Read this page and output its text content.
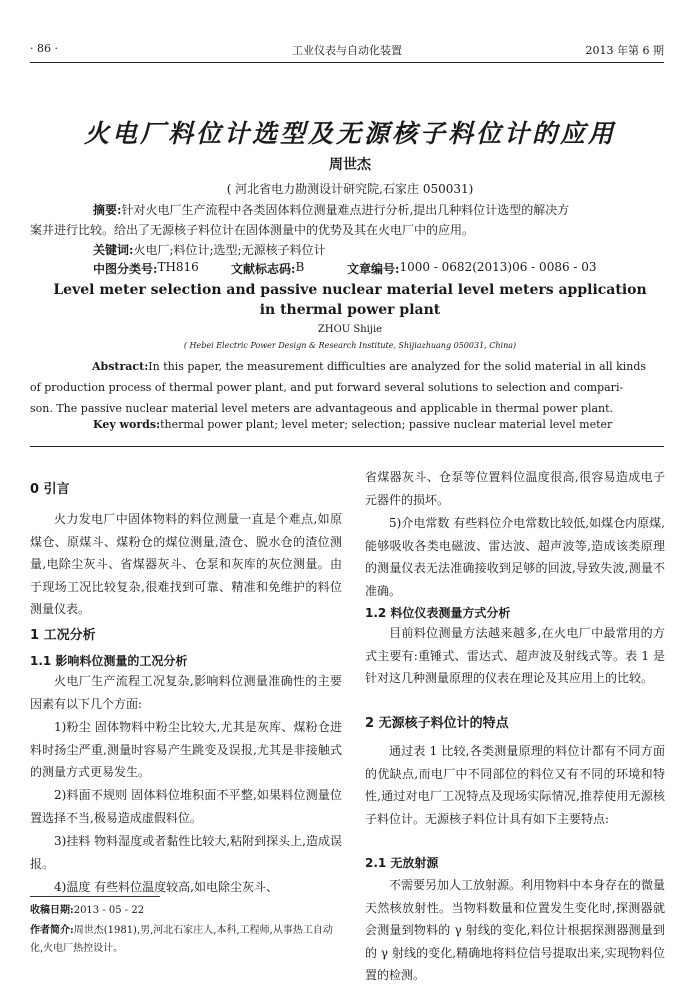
· 86 ·	工业仪表与自动化装置	2013 年第 6 期
火电厂料位计选型及无源核子料位计的应用
周世杰
( 河北省电力勘测设计研究院,石家庄 050031)
摘要:针对火电厂生产流程中各类固体料位测量难点进行分析,提出几种料位计选型的解决方
案并进行比较。给出了无源核子料位计在固体测量中的优势及其在火电厂中的应用。
关键词:火电厂;料位计;选型;无源核子料位计
中图分类号: TH816	文献标志码: B	文章编号: 1000 - 0682(2013)06 - 0086 - 03
Level meter selection and passive nuclear material level meters application
in thermal power plant
ZHOU Shijie
( Hebei Electric Power Design & Research Institute, Shijiazhuang 050031, China)
Abstract:In this paper, the measurement difficulties are analyzed for the solid material in all kinds
of production process of thermal power plant, and put forward several solutions to selection and compari-
son. The passive nuclear material level meters are advantageous and applicable in thermal power plant.
Key words:thermal power plant; level meter; selection; passive nuclear material level meter
0 引言
火力发电厂中固体物料的料位测量一直是个难点,如原煤仓、原煤斗、煤粉仓的煤位测量,渣仓、脱水仓的渣位测量,电除尘灰斗、省煤器灰斗、仓泵和灰库的灰位测量。由于现场工况比较复杂,很难找到可靠、精准和免维护的料位测量仪表。
1 工况分析
1.1 影响料位测量的工况分析
火电厂生产流程工况复杂,影响料位测量准确性的主要因素有以下几个方面:
1)粉尘 固体物料中粉尘比较大,尤其是灰库、煤粉仓进料时扬尘严重,测量时容易产生跳变及误报,尤其是非接触式的测量方式更易发生。
2)料面不规则 固体料位堆积面不平整,如果料位测量位置选择不当,极易造成虚假料位。
3)挂料 物料湿度或者黏性比较大,粘附到探头上,造成误报。
4)温度 有些料位温度较高,如电除尘灰斗、
省煤器灰斗、仓泵等位置料位温度很高,很容易造成电子元器件的损坏。
5)介电常数 有些料位介电常数比较低,如煤仓内原煤,能够吸收各类电磁波、雷达波、超声波等,造成该类原理的测量仪表无法准确接收到足够的回波,导致失波,测量不准确。
1.2 料位仪表测量方式分析
目前料位测量方法越来越多,在火电厂中最常用的方式主要有:重锤式、雷达式、超声波及射线式等。表 1 是针对这几种测量原理的仪表在理论及其应用上的比较。
2 无源核子料位计的特点
通过表 1 比较,各类测量原理的料位计都有不同方面的优缺点,而电厂中不同部位的料位又有不同的环境和特性,通过对电厂工况特点及现场实际情况,推荐使用无源核子料位计。无源核子料位计具有如下主要特点:
2.1 无放射源
不需要另加人工放射源。利用物料中本身存在的微量天然核放射性。当物料数量和位置发生变化时,探测器就会测量到物料的 γ 射线的变化,料位计根据探测器测量到的 γ 射线的变化,精确地将料位信号提取出来,实现物料位置的检测。
收稿日期:2013 - 05 - 22
作者简介:周世杰(1981),男,河北石家庄人,本科,工程师,从事热工自动化,火电厂热控设计。
